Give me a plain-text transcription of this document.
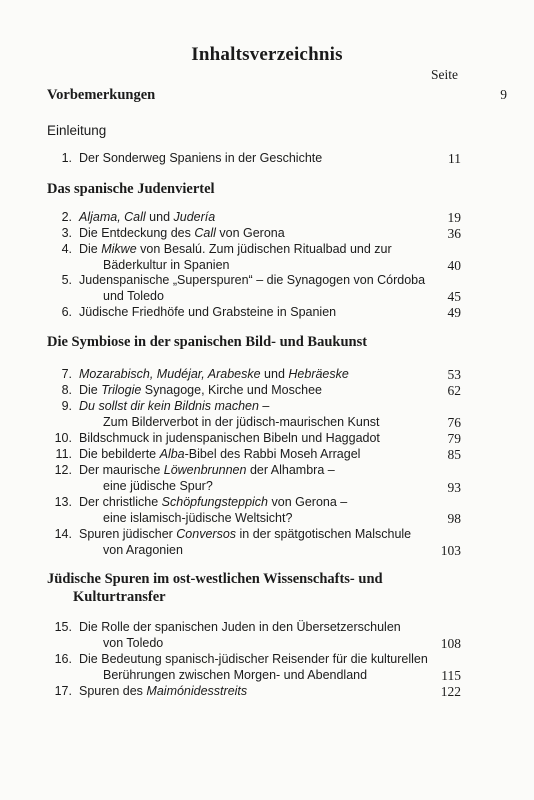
Inhaltsverzeichnis
Seite
Vorbemerkungen	9
Einleitung
1. Der Sonderweg Spaniens in der Geschichte	11
Das spanische Judenviertel
2. Aljama, Call und Judería	19
3. Die Entdeckung des Call von Gerona	36
4. Die Mikwe von Besalú. Zum jüdischen Ritualbad und zur
Bäderkultur in Spanien	40
5. Judenspanische „Superspuren“ – die Synagogen von Córdoba
und Toledo	45
6. Jüdische Friedhöfe und Grabsteine in Spanien	49
Die Symbiose in der spanischen Bild- und Baukunst
7. Mozarabisch, Mudéjar, Arabeske und Hebräeske	53
8. Die Trilogie Synagoge, Kirche und Moschee	62
9. Du sollst dir kein Bildnis machen –
Zum Bilderverbot in der jüdisch-maurischen Kunst	76
10. Bildschmuck in judenspanischen Bibeln und Haggadot	79
11. Die bebilderte Alba-Bibel des Rabbi Moseh Arragel	85
12. Der maurische Löwenbrunnen der Alhambra –
eine jüdische Spur?	93
13. Der christliche Schöpfungsteppich von Gerona –
eine islamisch-jüdische Weltsicht?	98
14. Spuren jüdischer Conversos in der spätgotischen Malschule
von Aragonien	103
Jüdische Spuren im ost-westlichen Wissenschafts- und
Kulturtransfer
15. Die Rolle der spanischen Juden in den Übersetzerschulen
von Toledo	108
16. Die Bedeutung spanisch-jüdischer Reisender für die kulturellen
Berührungen zwischen Morgen- und Abendland	115
17. Spuren des Maimónidesstreits	122
